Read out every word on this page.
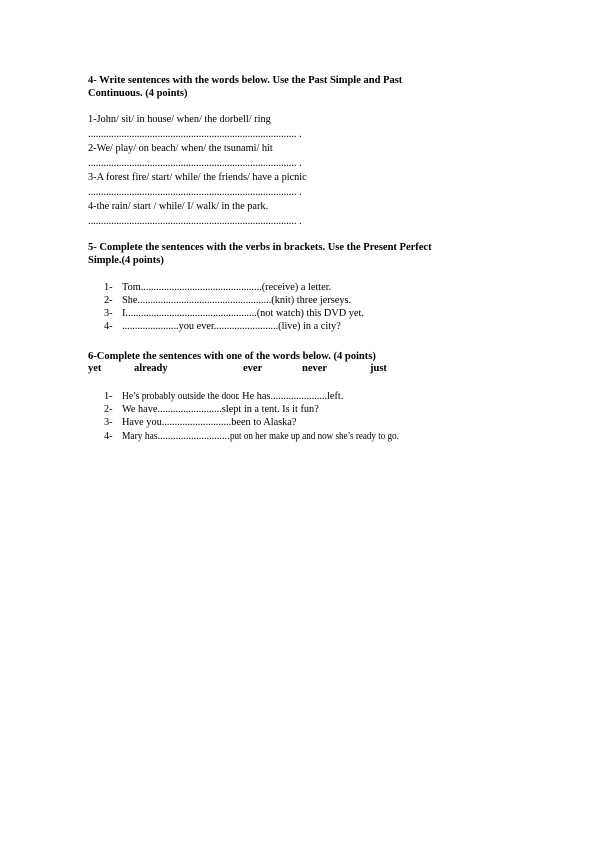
4- Write sentences with the words below. Use the Past Simple and Past
Continuous. (4 points)
1-John/ sit/ in house/ when/ the dorbell/ ring
................................................................................. .
2-We/ play/ on beach/ when/ the tsunami/ hit
................................................................................. .
3-A forest fire/ start/ while/ the friends/ have a picnic
................................................................................. .
4-the rain/ start / while/ I/ walk/ in the park.
................................................................................. .
5- Complete the sentences with the verbs in brackets. Use the Present Perfect
Simple.(4 points)
1- Tom...............................................(receive) a letter.
2- She....................................................(knit) three jerseys.
3- I...................................................(not watch) this DVD yet.
4- ......................you ever.........................(live) in a city?
6-Complete the sentences with one of the words below. (4 points)
yet	already	ever	never	just
1- He’s probably outside the door. He has......................left.
2- We have.........................slept in a tent. Is it fun?
3- Have you...........................been to Alaska?
4- Mary has............................put on her make up and now she’s ready to go.
